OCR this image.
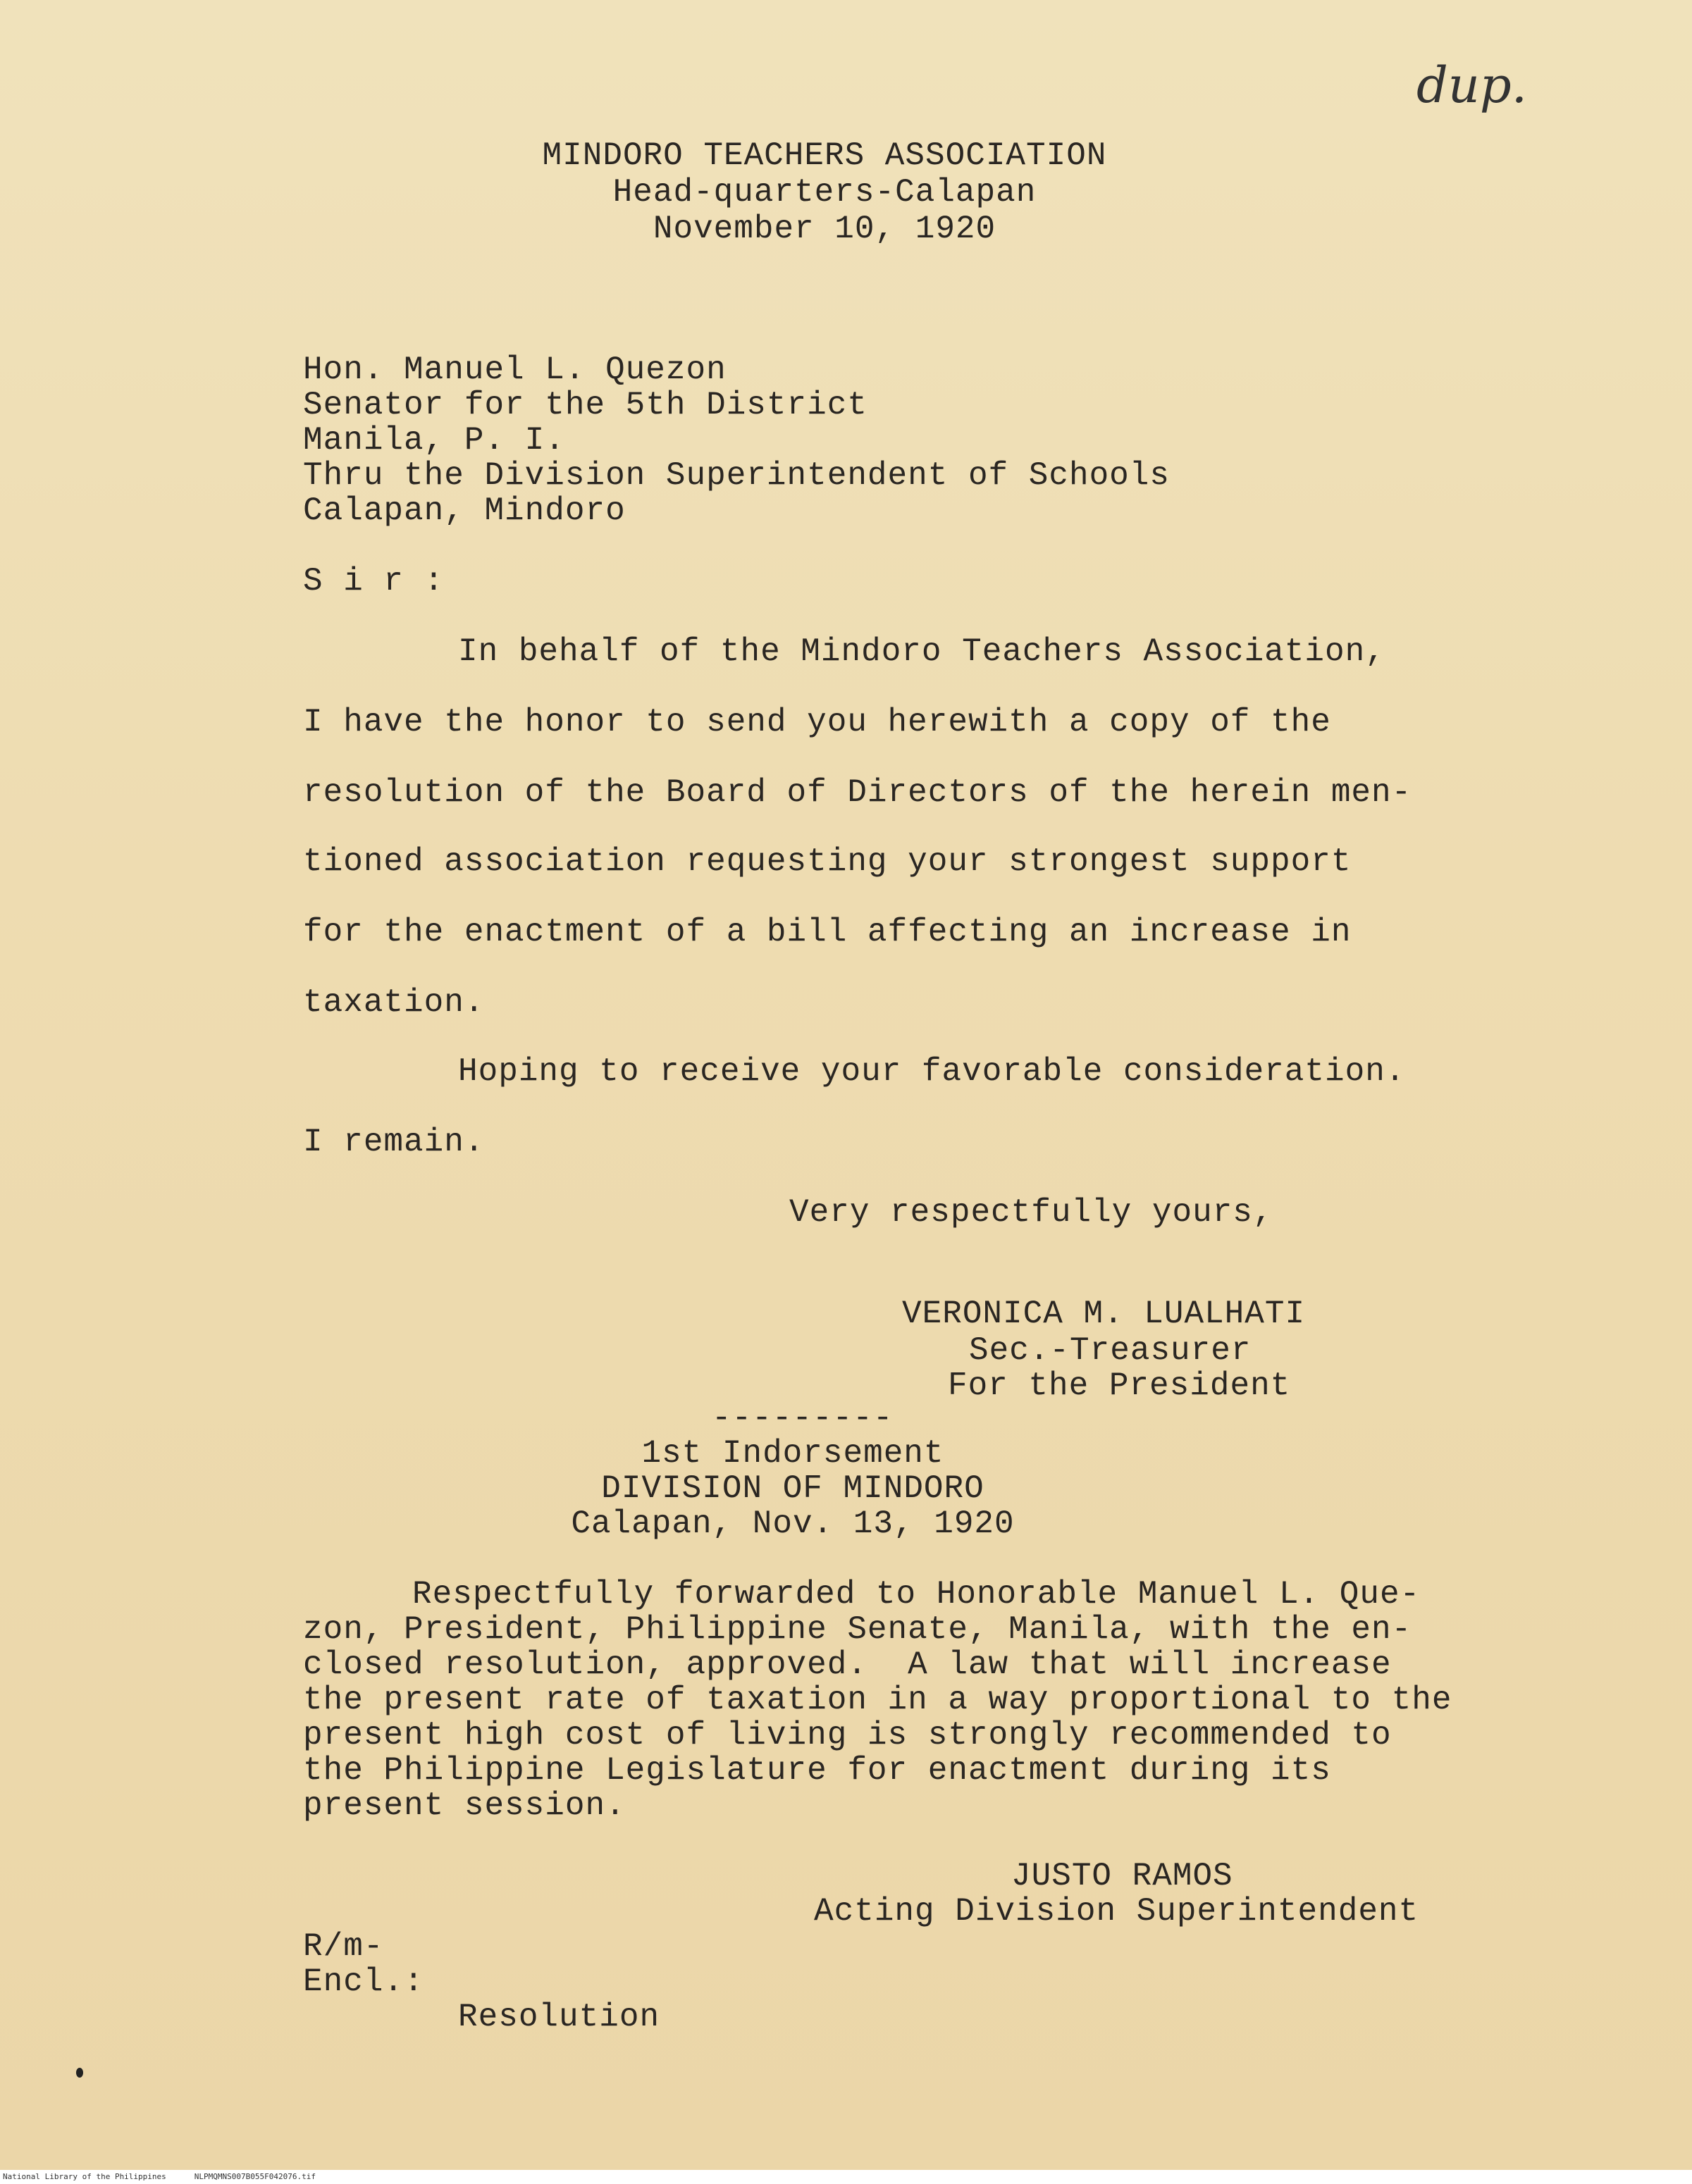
dup.
MINDORO TEACHERS ASSOCIATION
Head-quarters-Calapan
November 10, 1920
Hon. Manuel L. Quezon
Senator for the 5th District
Manila, P. I.
Thru the Division Superintendent of Schools
Calapan, Mindoro
S i r :
In behalf of the Mindoro Teachers Association,
I have the honor to send you herewith a copy of the
resolution of the Board of Directors of the herein men-
tioned association requesting your strongest support
for the enactment of a bill affecting an increase in
taxation.
Hoping to receive your favorable consideration.
I remain.
Very respectfully yours,
VERONICA M. LUALHATI
Sec.-Treasurer
For the President
---------
1st Indorsement
DIVISION OF MINDORO
Calapan, Nov. 13, 1920
Respectfully forwarded to Honorable Manuel L. Que-
zon, President, Philippine Senate, Manila, with the en-
closed resolution, approved.  A law that will increase
the present rate of taxation in a way proportional to the
present high cost of living is strongly recommended to
the Philippine Legislature for enactment during its
present session.
JUSTO RAMOS
Acting Division Superintendent
R/m-
Encl.:
Resolution
National Library of the Philippines	NLPMQMNS007B055F042076.tif
